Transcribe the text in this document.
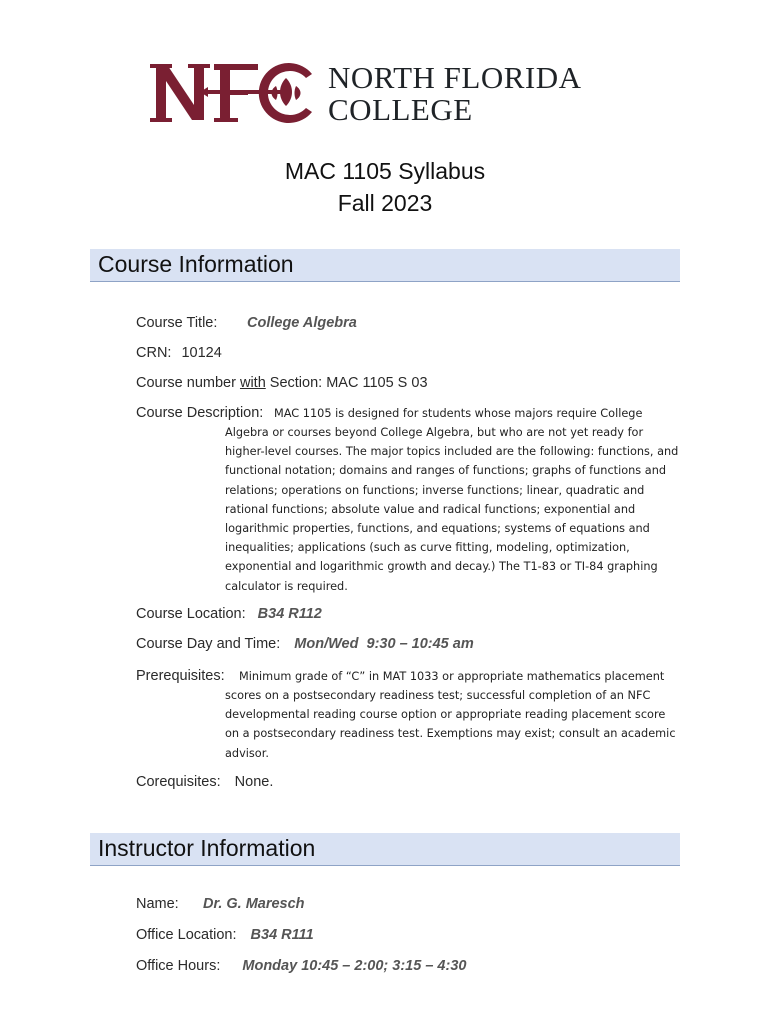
NORTH FLORIDA
COLLEGE
MAC 1105 Syllabus
Fall 2023
Course Information
Course Title: College Algebra
CRN: 10124
Course number with Section: MAC 1105 S 03
Course Description: MAC 1105 is designed for students whose majors require College
Algebra or courses beyond College Algebra, but who are not yet ready for higher-level courses. The major topics included are the following: functions, and functional notation; domains and ranges of functions; graphs of functions and relations; operations on functions; inverse functions; linear, quadratic and rational functions; absolute value and radical functions; exponential and logarithmic properties, functions, and equations; systems of equations and inequalities; applications (such as curve fitting, modeling, optimization, exponential and logarithmic growth and decay.) The T1-83 or TI-84 graphing calculator is required.
Course Location: B34 R112
Course Day and Time: Mon/Wed  9:30 – 10:45 am
Prerequisites:	Minimum grade of “C” in MAT 1033 or appropriate mathematics placement
scores on a postsecondary readiness test; successful completion of an NFC developmental reading course option or appropriate reading placement score on a postsecondary readiness test. Exemptions may exist; consult an academic advisor.
Corequisites: None.
Instructor Information
Name: Dr. G. Maresch
Office Location: B34 R111
Office Hours: Monday 10:45 – 2:00; 3:15 – 4:30
